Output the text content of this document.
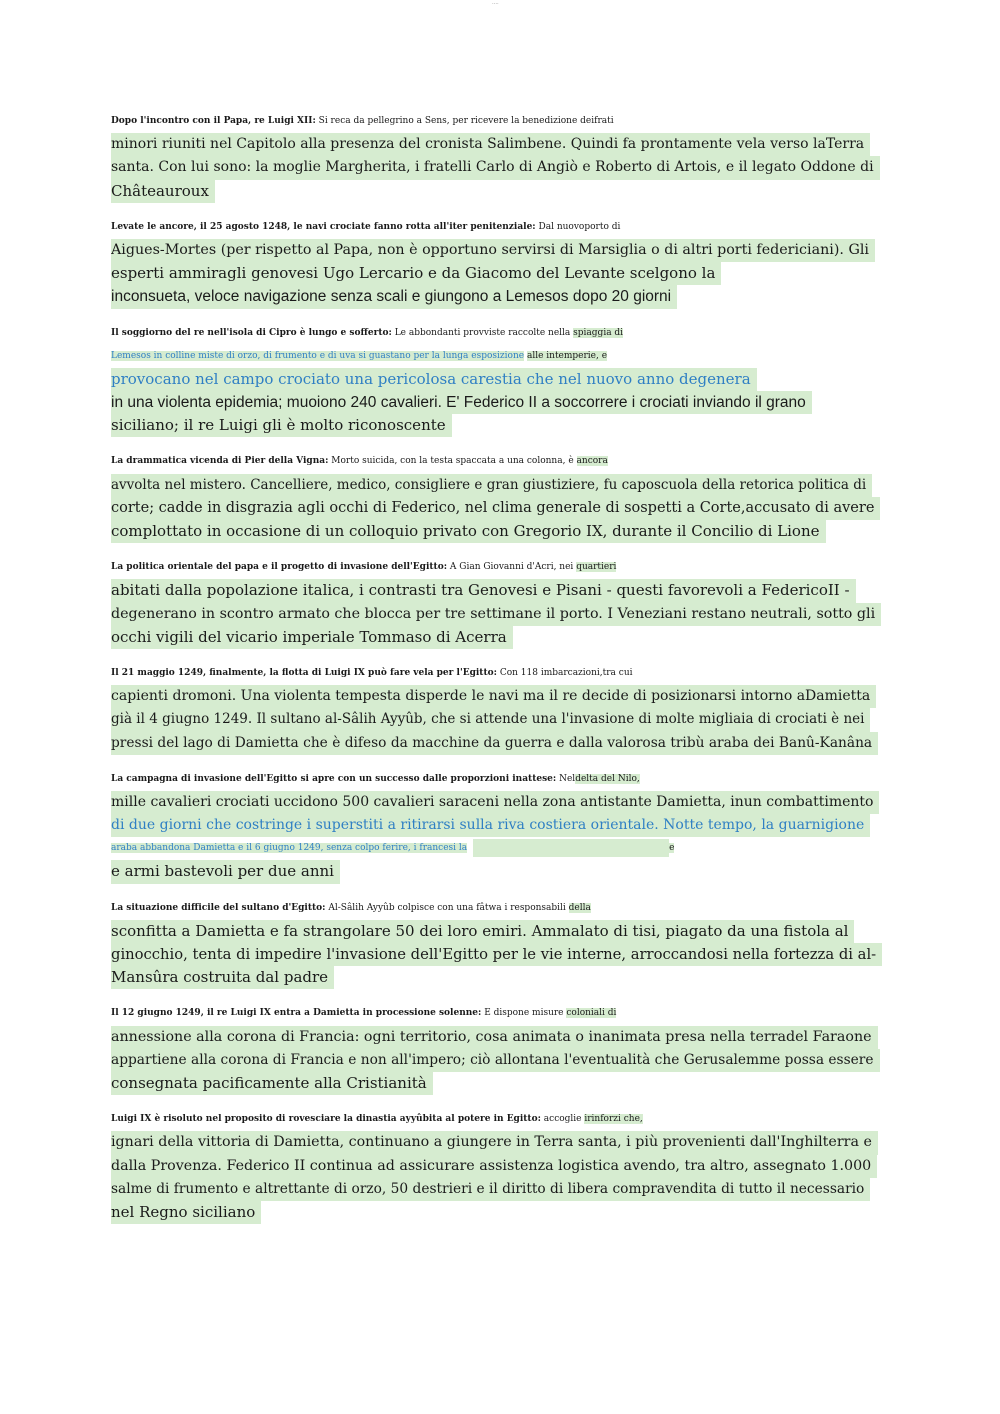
....
Dopo l'incontro con il Papa, re Luigi XII: Si reca da pellegrino a Sens, per ricevere la benedizione deifrati
minori riuniti nel Capitolo alla presenza del cronista Salimbene. Quindi fa prontamente vela verso laTerra
santa. Con lui sono: la moglie Margherita, i fratelli Carlo di Angiò e Roberto di Artois, e il legato Oddone di
Châteauroux
Levate le ancore, il 25 agosto 1248, le navi crociate fanno rotta all'iter penitenziale: Dal nuovoporto di
Aigues-Mortes (per rispetto al Papa, non è opportuno servirsi di Marsiglia o di altri porti federiciani). Gli
esperti ammiragli genovesi Ugo Lercario e da Giacomo del Levante scelgono la
inconsueta, veloce navigazione senza scali e giungono a Lemesos dopo 20 giorni
Il soggiorno del re nell'isola di Cipro è lungo e sofferto: Le abbondanti provviste raccolte nella spiaggia di
Lemesos in colline miste di orzo, di frumento e di uva si guastano per la lunga esposizione alle intemperie, e
provocano nel campo crociato una pericolosa carestia che nel nuovo anno degenera
in una violenta epidemia; muoiono 240 cavalieri. E' Federico II a soccorrere i crociati inviando il grano
siciliano; il re Luigi gli è molto riconoscente
La drammatica vicenda di Pier della Vigna: Morto suicida, con la testa spaccata a una colonna, è ancora
avvolta nel mistero. Cancelliere, medico, consigliere e gran giustiziere, fu caposcuola della retorica politica di
corte; cadde in disgrazia agli occhi di Federico, nel clima generale di sospetti a Corte,accusato di avere
complottato in occasione di un colloquio privato con Gregorio IX, durante il Concilio di Lione
La politica orientale del papa e il progetto di invasione dell'Egitto: A Gian Giovanni d'Acri, nei quartieri
abitati dalla popolazione italica, i contrasti tra Genovesi e Pisani - questi favorevoli a FedericoII -
degenerano in scontro armato che blocca per tre settimane il porto. I Veneziani restano neutrali, sotto gli
occhi vigili del vicario imperiale Tommaso di Acerra
Il 21 maggio 1249, finalmente, la flotta di Luigi IX può fare vela per l'Egitto: Con 118 imbarcazioni,tra cui
capienti dromoni. Una violenta tempesta disperde le navi ma il re decide di posizionarsi intorno aDamietta
già il 4 giugno 1249. Il sultano al-Sâlih Ayyûb, che si attende una l'invasione di molte migliaia di crociati è nei
pressi del lago di Damietta che è difeso da macchine da guerra e dalla valorosa tribù araba dei Banû-Kanâna
La campagna di invasione dell'Egitto si apre con un successo dalle proporzioni inattese: Neldelta del Nilo,
mille cavalieri crociati uccidono 500 cavalieri saraceni nella zona antistante Damietta, inun combattimento
di due giorni che costringe i superstiti a ritirarsi sulla riva costiera orientale. Notte tempo, la guarnigione
araba abbandona Damietta e il 6 giugno 1249, senza colpo ferire, i francesi la	e
e armi bastevoli per due anni
La situazione difficile del sultano d'Egitto: Al-Sâlih Ayyûb colpisce con una fâtwa i responsabili della
sconfitta a Damietta e fa strangolare 50 dei loro emiri. Ammalato di tisi, piagato da una fistola al
ginocchio, tenta di impedire l'invasione dell'Egitto per le vie interne, arroccandosi nella fortezza di al-
Mansûra costruita dal padre
Il 12 giugno 1249, il re Luigi IX entra a Damietta in processione solenne: E dispone misure coloniali di
annessione alla corona di Francia: ogni territorio, cosa animata o inanimata presa nella terradel Faraone
appartiene alla corona di Francia e non all'impero; ciò allontana l'eventualità che Gerusalemme possa essere
consegnata pacificamente alla Cristianità
Luigi IX è risoluto nel proposito di rovesciare la dinastia ayyûbita al potere in Egitto: accoglie irinforzi che,
ignari della vittoria di Damietta, continuano a giungere in Terra santa, i più provenienti dall'Inghilterra e
dalla Provenza. Federico II continua ad assicurare assistenza logistica avendo, tra altro, assegnato 1.000
salme di frumento e altrettante di orzo, 50 destrieri e il diritto di libera compravendita di tutto il necessario
nel Regno siciliano
